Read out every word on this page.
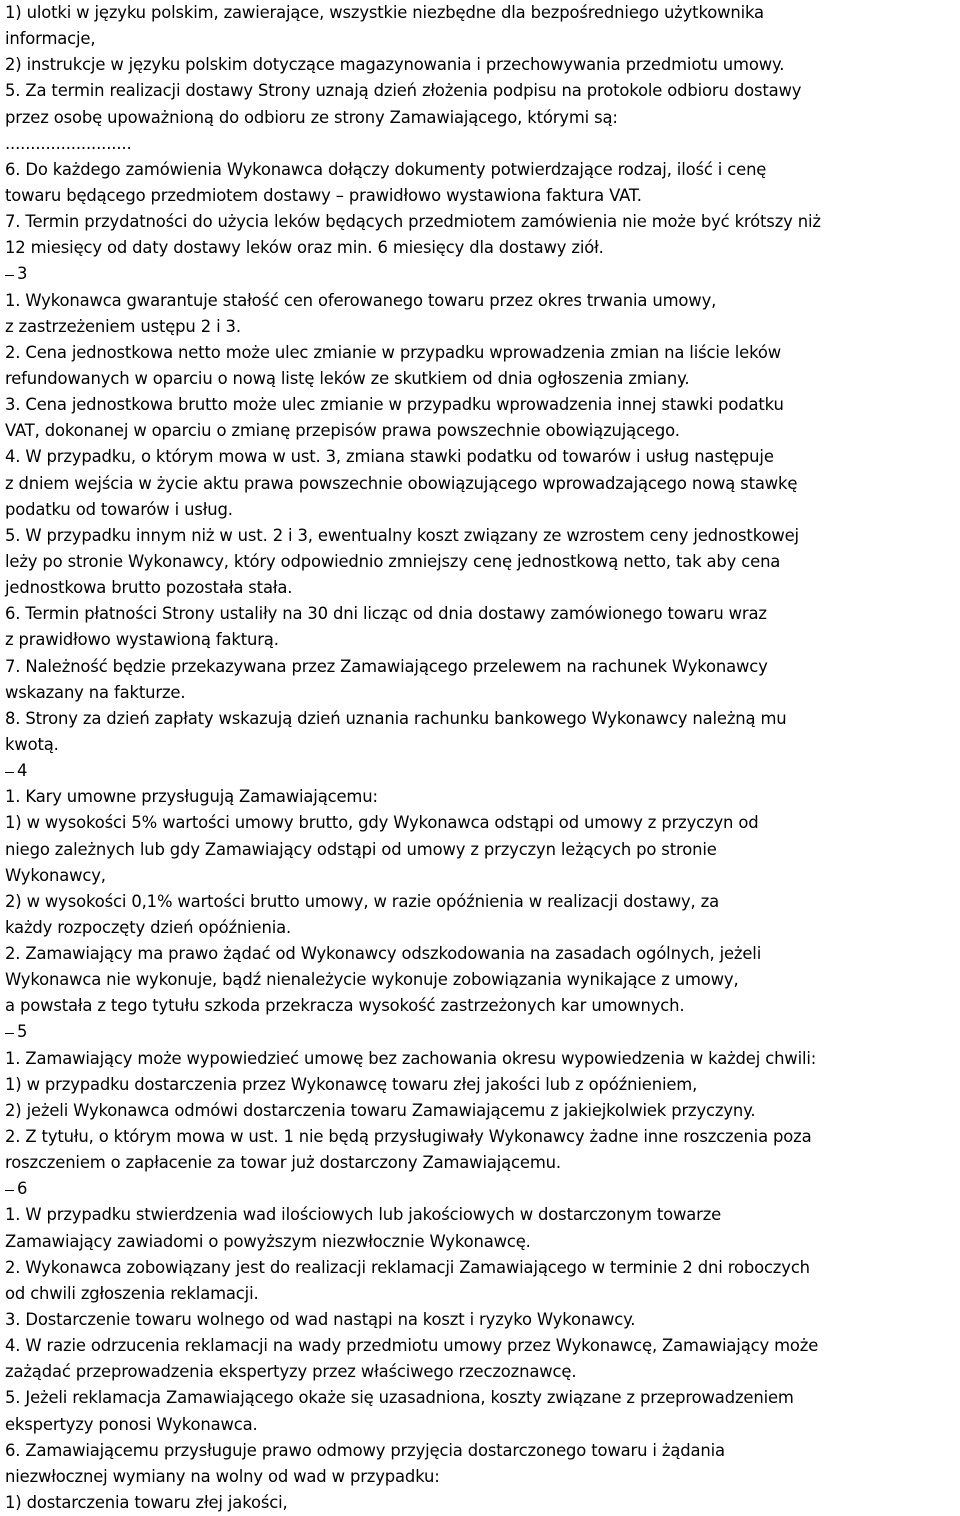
1) ulotki w języku polskim, zawierające, wszystkie niezbędne dla bezpośredniego użytkownika
informacje,
2) instrukcje w języku polskim dotyczące magazynowania i przechowywania przedmiotu umowy.
5. Za termin realizacji dostawy Strony uznają dzień złożenia podpisu na protokole odbioru dostawy
przez osobę upoważnioną do odbioru ze strony Zamawiającego, którymi są:
.........................
6. Do każdego zamówienia Wykonawca dołączy dokumenty potwierdzające rodzaj, ilość i cenę
towaru będącego przedmiotem dostawy – prawidłowo wystawiona faktura VAT.
7. Termin przydatności do użycia leków będących przedmiotem zamówienia nie może być krótszy niż
12 miesięcy od daty dostawy leków oraz min. 6 miesięcy dla dostawy ziół.
3
1. Wykonawca gwarantuje stałość cen oferowanego towaru przez okres trwania umowy,
z zastrzeżeniem ustępu 2 i 3.
2. Cena jednostkowa netto może ulec zmianie w przypadku wprowadzenia zmian na liście leków
refundowanych w oparciu o nową listę leków ze skutkiem od dnia ogłoszenia zmiany.
3. Cena jednostkowa brutto może ulec zmianie w przypadku wprowadzenia innej stawki podatku
VAT, dokonanej w oparciu o zmianę przepisów prawa powszechnie obowiązującego.
4. W przypadku, o którym mowa w ust. 3, zmiana stawki podatku od towarów i usług następuje
z dniem wejścia w życie aktu prawa powszechnie obowiązującego wprowadzającego nową stawkę
podatku od towarów i usług.
5. W przypadku innym niż w ust. 2 i 3, ewentualny koszt związany ze wzrostem ceny jednostkowej
leży po stronie Wykonawcy, który odpowiednio zmniejszy cenę jednostkową netto, tak aby cena
jednostkowa brutto pozostała stała.
6. Termin płatności Strony ustaliły na 30 dni licząc od dnia dostawy zamówionego towaru wraz
z prawidłowo wystawioną fakturą.
7. Należność będzie przekazywana przez Zamawiającego przelewem na rachunek Wykonawcy
wskazany na fakturze.
8. Strony za dzień zapłaty wskazują dzień uznania rachunku bankowego Wykonawcy należną mu
kwotą.
4
1. Kary umowne przysługują Zamawiającemu:
1) w wysokości 5% wartości umowy brutto, gdy Wykonawca odstąpi od umowy z przyczyn od
niego zależnych lub gdy Zamawiający odstąpi od umowy z przyczyn leżących po stronie
Wykonawcy,
2) w wysokości 0,1% wartości brutto umowy, w razie opóźnienia w realizacji dostawy, za
każdy rozpoczęty dzień opóźnienia.
2. Zamawiający ma prawo żądać od Wykonawcy odszkodowania na zasadach ogólnych, jeżeli
Wykonawca nie wykonuje, bądź nienależycie wykonuje zobowiązania wynikające z umowy,
a powstała z tego tytułu szkoda przekracza wysokość zastrzeżonych kar umownych.
5
1. Zamawiający może wypowiedzieć umowę bez zachowania okresu wypowiedzenia w każdej chwili:
1) w przypadku dostarczenia przez Wykonawcę towaru złej jakości lub z opóźnieniem,
2) jeżeli Wykonawca odmówi dostarczenia towaru Zamawiającemu z jakiejkolwiek przyczyny.
2. Z tytułu, o którym mowa w ust. 1 nie będą przysługiwały Wykonawcy żadne inne roszczenia poza
roszczeniem o zapłacenie za towar już dostarczony Zamawiającemu.
6
1. W przypadku stwierdzenia wad ilościowych lub jakościowych w dostarczonym towarze
Zamawiający zawiadomi o powyższym niezwłocznie Wykonawcę.
2. Wykonawca zobowiązany jest do realizacji reklamacji Zamawiającego w terminie 2 dni roboczych
od chwili zgłoszenia reklamacji.
3. Dostarczenie towaru wolnego od wad nastąpi na koszt i ryzyko Wykonawcy.
4. W razie odrzucenia reklamacji na wady przedmiotu umowy przez Wykonawcę, Zamawiający może
zażądać przeprowadzenia ekspertyzy przez właściwego rzeczoznawcę.
5. Jeżeli reklamacja Zamawiającego okaże się uzasadniona, koszty związane z przeprowadzeniem
ekspertyzy ponosi Wykonawca.
6. Zamawiającemu przysługuje prawo odmowy przyjęcia dostarczonego towaru i żądania
niezwłocznej wymiany na wolny od wad w przypadku:
1) dostarczenia towaru złej jakości,
